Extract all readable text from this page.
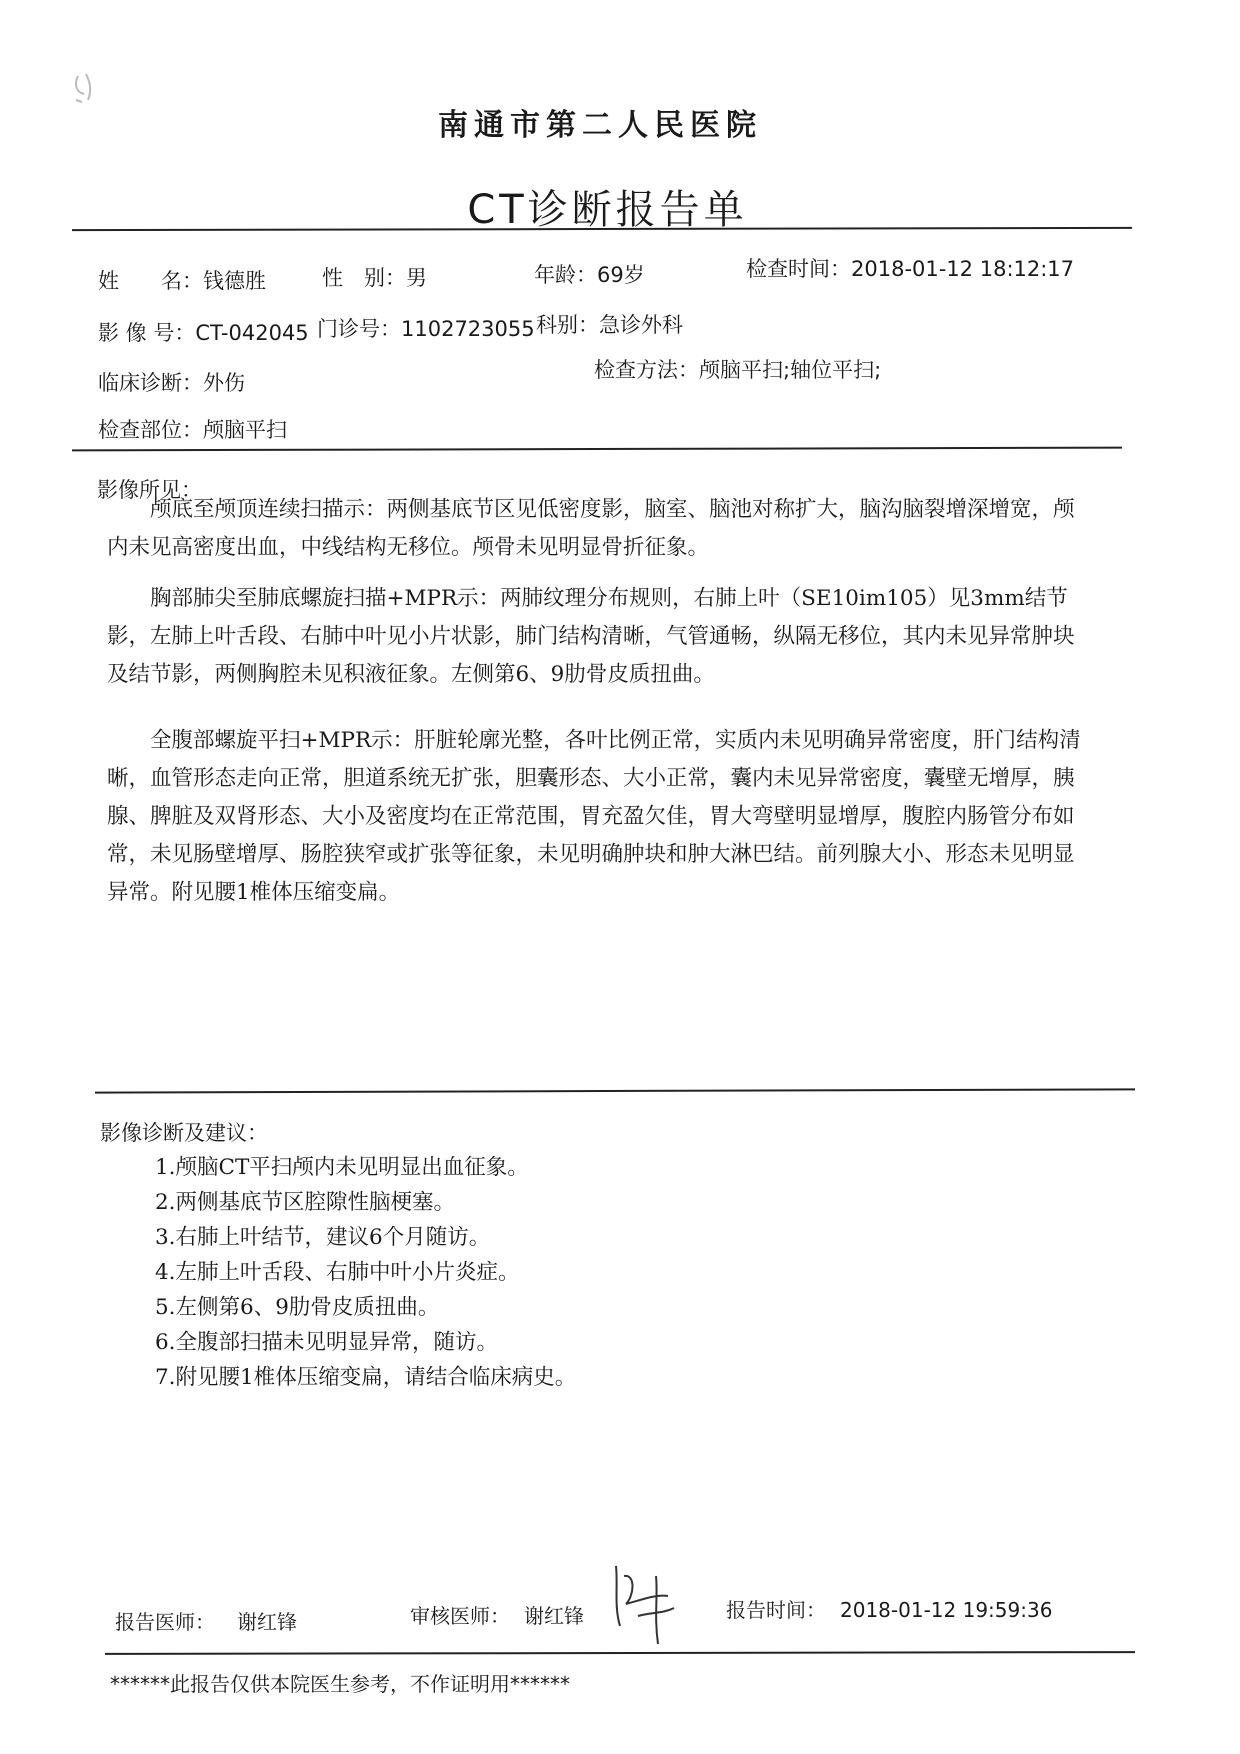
南通市第二人民医院
CT诊断报告单
姓　　名：钱德胜	性　别：男	年龄：69岁	检查时间：2018-01-12 18:12:17
影 像 号：CT-042045 门诊号：1102723055 科别：急诊外科
临床诊断：外伤
检查方法：颅脑平扫;轴位平扫;
检查部位：颅脑平扫
影像所见：
颅底至颅顶连续扫描示：两侧基底节区见低密度影，脑室、脑池对称扩大，脑沟脑裂增深增宽，颅内未见高密度出血，中线结构无移位。颅骨未见明显骨折征象。
胸部肺尖至肺底螺旋扫描+MPR示：两肺纹理分布规则，右肺上叶（SE10im105）见3mm结节影，左肺上叶舌段、右肺中叶见小片状影，肺门结构清晰，气管通畅，纵隔无移位，其内未见异常肿块及结节影，两侧胸腔未见积液征象。左侧第6、9肋骨皮质扭曲。
全腹部螺旋平扫+MPR示：肝脏轮廓光整，各叶比例正常，实质内未见明确异常密度，肝门结构清晰，血管形态走向正常，胆道系统无扩张，胆囊形态、大小正常，囊内未见异常密度，囊壁无增厚，胰腺、脾脏及双肾形态、大小及密度均在正常范围，胃充盈欠佳，胃大弯壁明显增厚，腹腔内肠管分布如常，未见肠壁增厚、肠腔狭窄或扩张等征象，未见明确肿块和肿大淋巴结。前列腺大小、形态未见明显异常。附见腰1椎体压缩变扁。
影像诊断及建议：
1.颅脑CT平扫颅内未见明显出血征象。
2.两侧基底节区腔隙性脑梗塞。
3.右肺上叶结节，建议6个月随访。
4.左肺上叶舌段、右肺中叶小片炎症。
5.左侧第6、9肋骨皮质扭曲。
6.全腹部扫描未见明显异常，随访。
7.附见腰1椎体压缩变扁，请结合临床病史。
报告医师： 谢红锋	审核医师： 谢红锋	报告时间： 2018-01-12 19:59:36
******此报告仅供本院医生参考，不作证明用******
